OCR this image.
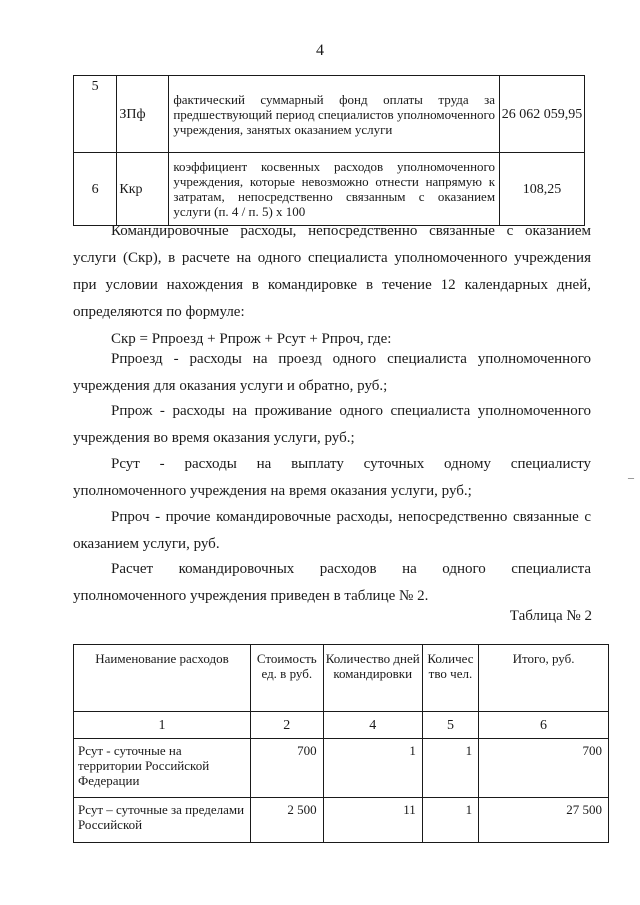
4
5	ЗПф	фактический суммарный фонд оплаты труда за предшествующий период специалистов уполномоченного учреждения, занятых оказанием услуги	26 062 059,95
6	Ккр	коэффициент косвенных расходов уполномоченного учреждения, которые невозможно отнести напрямую к затратам, непосредственно связанным с оказанием услуги (п. 4 / п. 5) x 100	108,25

Командировочные расходы, непосредственно связанные с оказанием услуги (Скр), в расчете на одного специалиста уполномоченного учреждения при условии нахождения в командировке в течение 12 календарных дней, определяются по формуле:

Скр = Рпроезд + Рпрож + Рсут + Рпроч, где:

Рпроезд - расходы на проезд одного специалиста уполномоченного учреждения для оказания услуги и обратно, руб.;

Рпрож - расходы на проживание одного специалиста уполномоченного учреждения во время оказания услуги, руб.;

Рсут - расходы на выплату суточных одному специалисту уполномоченного учреждения на время оказания услуги, руб.;

Рпроч - прочие командировочные расходы, непосредственно связанные с оказанием услуги, руб.

Расчет командировочных расходов на одного специалиста уполномоченного учреждения приведен в таблице № 2.

Таблица № 2
Наименование расходов	Стоимость ед. в руб.	Количество дней командировки	Количес тво чел.	Итого, руб.
1	2	4	5	6
Рсут - суточные на территории Российской Федерации	700	1	1	700
Рсут – суточные за пределами Российской	2 500	11	1	27 500
–
